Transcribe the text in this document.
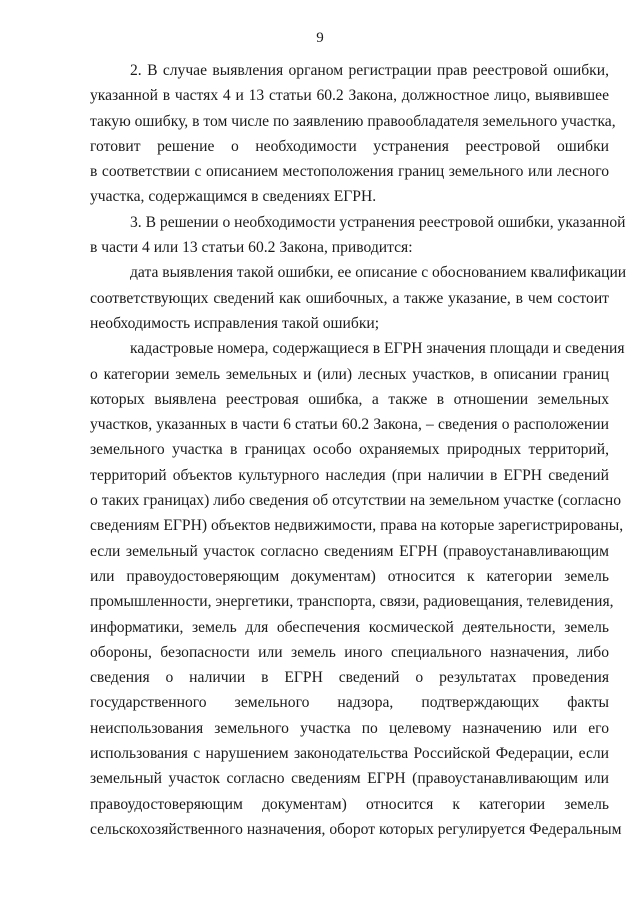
9
2. В случае выявления органом регистрации прав реестровой ошибки,
указанной в частях 4 и 13 статьи 60.2 Закона, должностное лицо, выявившее
такую ошибку, в том числе по заявлению правообладателя земельного участка,
готовит решение о необходимости устранения реестровой ошибки
в соответствии с описанием местоположения границ земельного или лесного
участка, содержащимся в сведениях ЕГРН.
3. В решении о необходимости устранения реестровой ошибки, указанной
в части 4 или 13 статьи 60.2 Закона, приводится:
дата выявления такой ошибки, ее описание с обоснованием квалификации
соответствующих сведений как ошибочных, а также указание, в чем состоит
необходимость исправления такой ошибки;
кадастровые номера, содержащиеся в ЕГРН значения площади и сведения
о категории земель земельных и (или) лесных участков, в описании границ
которых выявлена реестровая ошибка, а также в отношении земельных
участков, указанных в части 6 статьи 60.2 Закона, – сведения о расположении
земельного участка в границах особо охраняемых природных территорий,
территорий объектов культурного наследия (при наличии в ЕГРН сведений
о таких границах) либо сведения об отсутствии на земельном участке (согласно
сведениям ЕГРН) объектов недвижимости, права на которые зарегистрированы,
если земельный участок согласно сведениям ЕГРН (правоустанавливающим
или правоудостоверяющим документам) относится к категории земель
промышленности, энергетики, транспорта, связи, радиовещания, телевидения,
информатики, земель для обеспечения космической деятельности, земель
обороны, безопасности или земель иного специального назначения, либо
сведения о наличии в ЕГРН сведений о результатах проведения
государственного земельного надзора, подтверждающих факты
неиспользования земельного участка по целевому назначению или его
использования с нарушением законодательства Российской Федерации, если
земельный участок согласно сведениям ЕГРН (правоустанавливающим или
правоудостоверяющим документам) относится к категории земель
сельскохозяйственного назначения, оборот которых регулируется Федеральным
